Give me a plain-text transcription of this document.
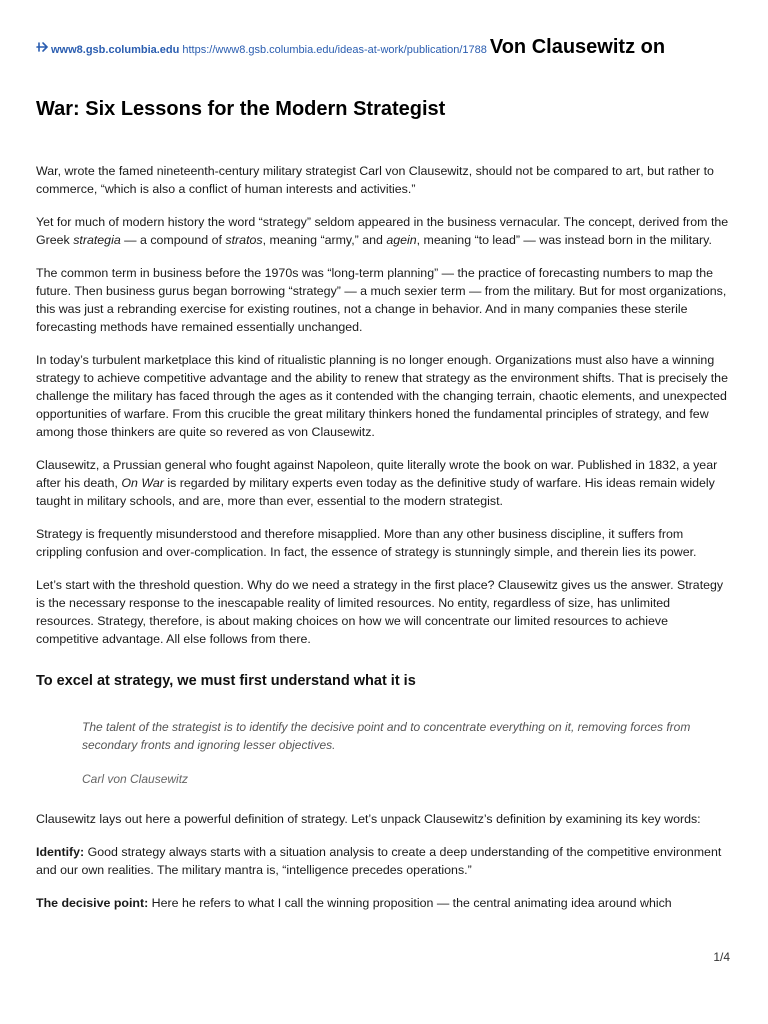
www8.gsb.columbia.edu https://www8.gsb.columbia.edu/ideas-at-work/publication/1788 Von Clausewitz on
War: Six Lessons for the Modern Strategist

War, wrote the famed nineteenth-century military strategist Carl von Clausewitz, should not be compared to art, but rather to commerce, “which is also a conflict of human interests and activities.”

Yet for much of modern history the word “strategy” seldom appeared in the business vernacular. The concept, derived from the Greek strategia — a compound of stratos, meaning “army,” and agein, meaning “to lead” — was instead born in the military.

The common term in business before the 1970s was “long-term planning” — the practice of forecasting numbers to map the future. Then business gurus began borrowing “strategy” — a much sexier term — from the military. But for most organizations, this was just a rebranding exercise for existing routines, not a change in behavior. And in many companies these sterile forecasting methods have remained essentially unchanged.

In today’s turbulent marketplace this kind of ritualistic planning is no longer enough. Organizations must also have a winning strategy to achieve competitive advantage and the ability to renew that strategy as the environment shifts. That is precisely the challenge the military has faced through the ages as it contended with the changing terrain, chaotic elements, and unexpected opportunities of warfare. From this crucible the great military thinkers honed the fundamental principles of strategy, and few among those thinkers are quite so revered as von Clausewitz.

Clausewitz, a Prussian general who fought against Napoleon, quite literally wrote the book on war. Published in 1832, a year after his death, On War is regarded by military experts even today as the definitive study of warfare. His ideas remain widely taught in military schools, and are, more than ever, essential to the modern strategist.

Strategy is frequently misunderstood and therefore misapplied. More than any other business discipline, it suffers from crippling confusion and over-complication. In fact, the essence of strategy is stunningly simple, and therein lies its power.

Let’s start with the threshold question. Why do we need a strategy in the first place? Clausewitz gives us the answer. Strategy is the necessary response to the inescapable reality of limited resources. No entity, regardless of size, has unlimited resources. Strategy, therefore, is about making choices on how we will concentrate our limited resources to achieve competitive advantage. All else follows from there.

To excel at strategy, we must first understand what it is

The talent of the strategist is to identify the decisive point and to concentrate everything on it, removing forces from secondary fronts and ignoring lesser objectives.

Carl von Clausewitz

Clausewitz lays out here a powerful definition of strategy. Let’s unpack Clausewitz’s definition by examining its key words:

Identify: Good strategy always starts with a situation analysis to create a deep understanding of the competitive environment and our own realities. The military mantra is, “intelligence precedes operations.”

The decisive point: Here he refers to what I call the winning proposition — the central animating idea around which

1/4
